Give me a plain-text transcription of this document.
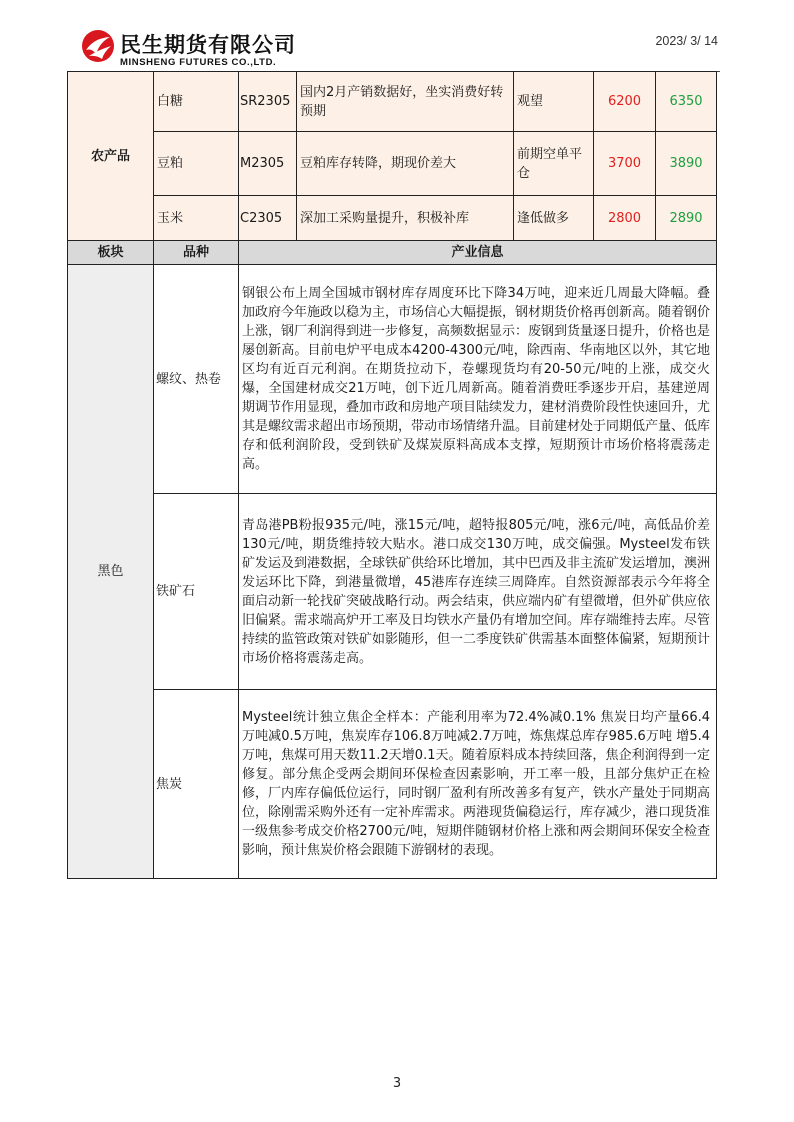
民生期货有限公司
MINSHENG FUTURES CO.,LTD.
2023/ 3/ 14
农产品	白糖	SR2305	国内2月产销数据好，坐实消费好转预期	观望	6200	6350
	豆粕	M2305	豆粕库存转降，期现价差大	前期空单平仓	3700	3890
	玉米	C2305	深加工采购量提升，积极补库	逢低做多	2800	2890
板块	品种	产业信息				
黑色	螺纹、热卷	钢银公布上周全国城市钢材库存周度环比下降34万吨，迎来近几周最大降幅。叠加政府今年施政以稳为主，市场信心大幅提振，钢材期货价格再创新高。随着钢价上涨，钢厂利润得到进一步修复，高频数据显示：废钢到货量逐日提升，价格也是屡创新高。目前电炉平电成本4200-4300元/吨，除西南、华南地区以外，其它地区均有近百元利润。在期货拉动下，卷螺现货均有20-50元/吨的上涨，成交火爆，全国建材成交21万吨，创下近几周新高。随着消费旺季逐步开启，基建逆周期调节作用显现，叠加市政和房地产项目陆续发力，建材消费阶段性快速回升，尤其是螺纹需求超出市场预期，带动市场情绪升温。目前建材处于同期低产量、低库存和低利润阶段，受到铁矿及煤炭原料高成本支撑，短期预计市场价格将震荡走高。				
	铁矿石	青岛港PB粉报935元/吨，涨15元/吨，超特报805元/吨，涨6元/吨，高低品价差130元/吨，期货维持较大贴水。港口成交130万吨，成交偏强。Mysteel发布铁矿发运及到港数据，全球铁矿供给环比增加，其中巴西及非主流矿发运增加，澳洲发运环比下降，到港量微增，45港库存连续三周降库。自然资源部表示今年将全面启动新一轮找矿突破战略行动。两会结束，供应端内矿有望微增，但外矿供应依旧偏紧。需求端高炉开工率及日均铁水产量仍有增加空间。库存端维持去库。尽管持续的监管政策对铁矿如影随形，但一二季度铁矿供需基本面整体偏紧，短期预计市场价格将震荡走高。				
	焦炭	Mysteel统计独立焦企全样本：产能利用率为72.4%减0.1% 焦炭日均产量66.4万吨减0.5万吨，焦炭库存106.8万吨减2.7万吨，炼焦煤总库存985.6万吨 增5.4万吨，焦煤可用天数11.2天增0.1天。随着原料成本持续回落，焦企利润得到一定修复。部分焦企受两会期间环保检查因素影响，开工率一般，且部分焦炉正在检修，厂内库存偏低位运行，同时钢厂盈利有所改善多有复产，铁水产量处于同期高位，除刚需采购外还有一定补库需求。两港现货偏稳运行，库存减少，港口现货准一级焦参考成交价格2700元/吨，短期伴随钢材价格上涨和两会期间环保安全检查影响，预计焦炭价格会跟随下游钢材的表现。				
3
